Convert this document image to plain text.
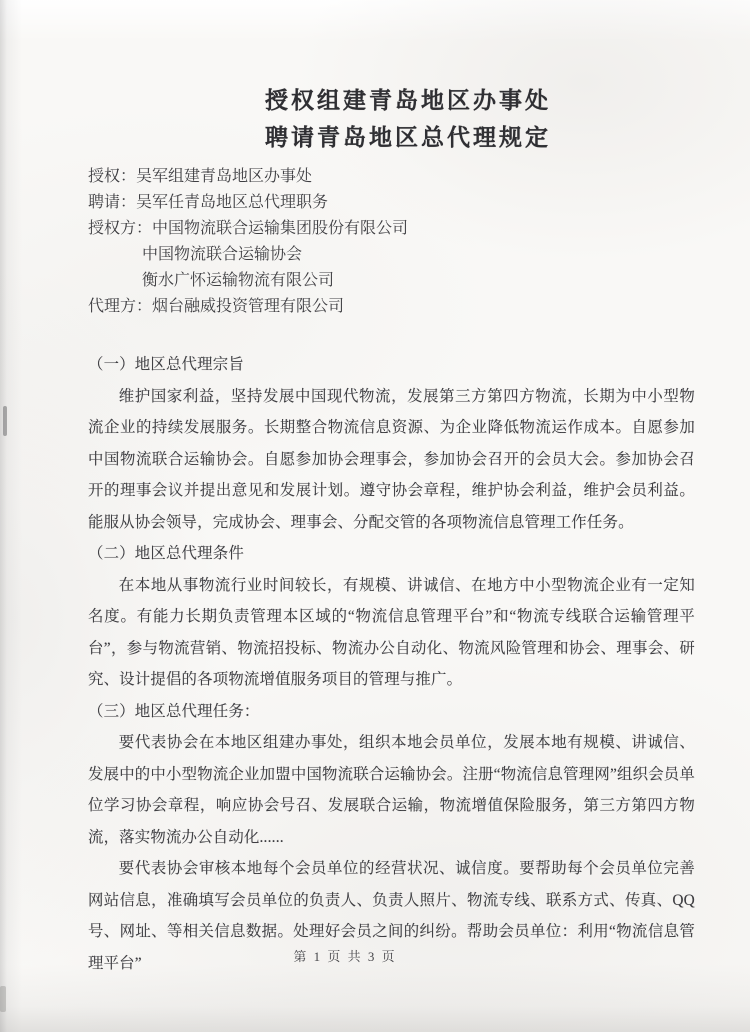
授权组建青岛地区办事处
聘请青岛地区总代理规定
授权：吴军组建青岛地区办事处
聘请：吴军任青岛地区总代理职务
授权方：中国物流联合运输集团股份有限公司
中国物流联合运输协会
衡水广怀运输物流有限公司
代理方：烟台融威投资管理有限公司
（一）地区总代理宗旨

维护国家利益，坚持发展中国现代物流，发展第三方第四方物流，长期为中小型物流企业的持续发展服务。长期整合物流信息资源、为企业降低物流运作成本。自愿参加中国物流联合运输协会。自愿参加协会理事会，参加协会召开的会员大会。参加协会召开的理事会议并提出意见和发展计划。遵守协会章程，维护协会利益，维护会员利益。能服从协会领导，完成协会、理事会、分配交管的各项物流信息管理工作任务。

（二）地区总代理条件

在本地从事物流行业时间较长，有规模、讲诚信、在地方中小型物流企业有一定知名度。有能力长期负责管理本区域的“物流信息管理平台”和“物流专线联合运输管理平台”，参与物流营销、物流招投标、物流办公自动化、物流风险管理和协会、理事会、研究、设计提倡的各项物流增值服务项目的管理与推广。

（三）地区总代理任务：

要代表协会在本地区组建办事处，组织本地会员单位，发展本地有规模、讲诚信、发展中的中小型物流企业加盟中国物流联合运输协会。注册“物流信息管理网”组织会员单位学习协会章程，响应协会号召、发展联合运输，物流增值保险服务，第三方第四方物流，落实物流办公自动化......

要代表协会审核本地每个会员单位的经营状况、诚信度。要帮助每个会员单位完善网站信息，准确填写会员单位的负责人、负责人照片、物流专线、联系方式、传真、QQ 号、网址、等相关信息数据。处理好会员之间的纠纷。帮助会员单位：利用“物流信息管理平台”	第 1 页 共 3 页
